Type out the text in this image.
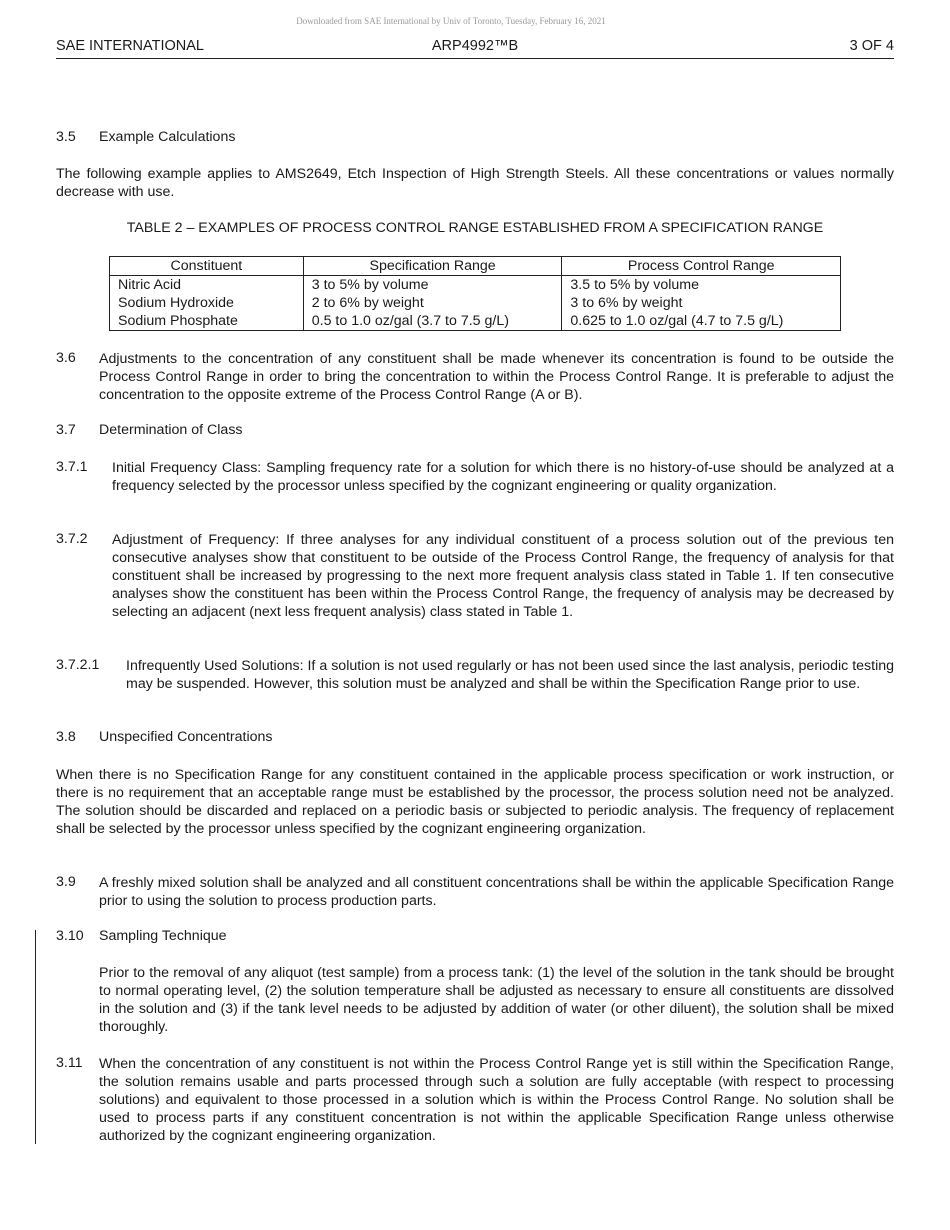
Downloaded from SAE International by Univ of Toronto, Tuesday, February 16, 2021
SAE INTERNATIONAL	ARP4992™B	3 OF 4
3.5 Example Calculations
The following example applies to AMS2649, Etch Inspection of High Strength Steels. All these concentrations or values normally decrease with use.
TABLE 2 – EXAMPLES OF PROCESS CONTROL RANGE ESTABLISHED FROM A SPECIFICATION RANGE
Constituent	Specification Range	Process Control Range
Nitric Acid	3 to 5% by volume	3.5 to 5% by volume
Sodium Hydroxide	2 to 6% by weight	3 to 6% by weight
Sodium Phosphate	0.5 to 1.0 oz/gal (3.7 to 7.5 g/L)	0.625 to 1.0 oz/gal (4.7 to 7.5 g/L)
3.6 Adjustments to the concentration of any constituent shall be made whenever its concentration is found to be outside the Process Control Range in order to bring the concentration to within the Process Control Range. It is preferable to adjust the concentration to the opposite extreme of the Process Control Range (A or B).
3.7 Determination of Class
3.7.1 Initial Frequency Class: Sampling frequency rate for a solution for which there is no history-of-use should be analyzed at a frequency selected by the processor unless specified by the cognizant engineering or quality organization.
3.7.2 Adjustment of Frequency: If three analyses for any individual constituent of a process solution out of the previous ten consecutive analyses show that constituent to be outside of the Process Control Range, the frequency of analysis for that constituent shall be increased by progressing to the next more frequent analysis class stated in Table 1. If ten consecutive analyses show the constituent has been within the Process Control Range, the frequency of analysis may be decreased by selecting an adjacent (next less frequent analysis) class stated in Table 1.
3.7.2.1 Infrequently Used Solutions: If a solution is not used regularly or has not been used since the last analysis, periodic testing may be suspended. However, this solution must be analyzed and shall be within the Specification Range prior to use.
3.8 Unspecified Concentrations
When there is no Specification Range for any constituent contained in the applicable process specification or work instruction, or there is no requirement that an acceptable range must be established by the processor, the process solution need not be analyzed. The solution should be discarded and replaced on a periodic basis or subjected to periodic analysis. The frequency of replacement shall be selected by the processor unless specified by the cognizant engineering organization.
3.9 A freshly mixed solution shall be analyzed and all constituent concentrations shall be within the applicable Specification Range prior to using the solution to process production parts.
3.10 Sampling Technique
Prior to the removal of any aliquot (test sample) from a process tank: (1) the level of the solution in the tank should be brought to normal operating level, (2) the solution temperature shall be adjusted as necessary to ensure all constituents are dissolved in the solution and (3) if the tank level needs to be adjusted by addition of water (or other diluent), the solution shall be mixed thoroughly.
3.11 When the concentration of any constituent is not within the Process Control Range yet is still within the Specification Range, the solution remains usable and parts processed through such a solution are fully acceptable (with respect to processing solutions) and equivalent to those processed in a solution which is within the Process Control Range. No solution shall be used to process parts if any constituent concentration is not within the applicable Specification Range unless otherwise authorized by the cognizant engineering organization.
